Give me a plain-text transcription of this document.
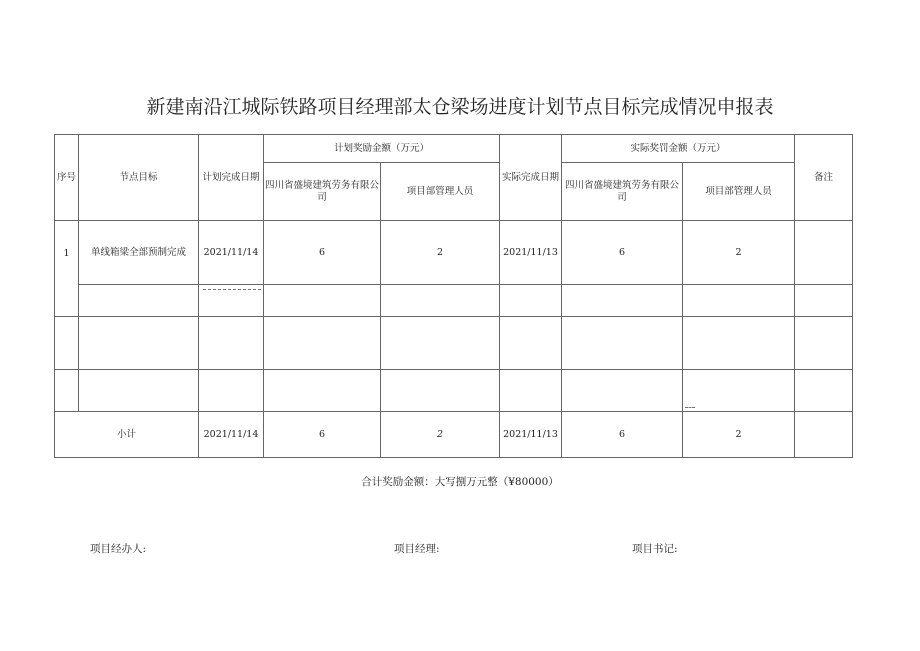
新建南沿江城际铁路项目经理部太仓梁场进度计划节点目标完成情况申报表
序号	节点目标	计划完成日期	计划奖励金额（万元）		实际完成日期	实际奖罚金额（万元）		备注
			四川省盛境建筑劳务有限公司	项目部管理人员		四川省盛境建筑劳务有限公司	项目部管理人员	
1	单线箱梁全部预制完成	2021/11/14	6	2	2021/11/13	6	2	

小计		2021/11/14	6	2	2021/11/13	6	2	
合计奖励金额：大写捌万元整（¥80000）
项目经办人:	项目经理:	项目书记:
